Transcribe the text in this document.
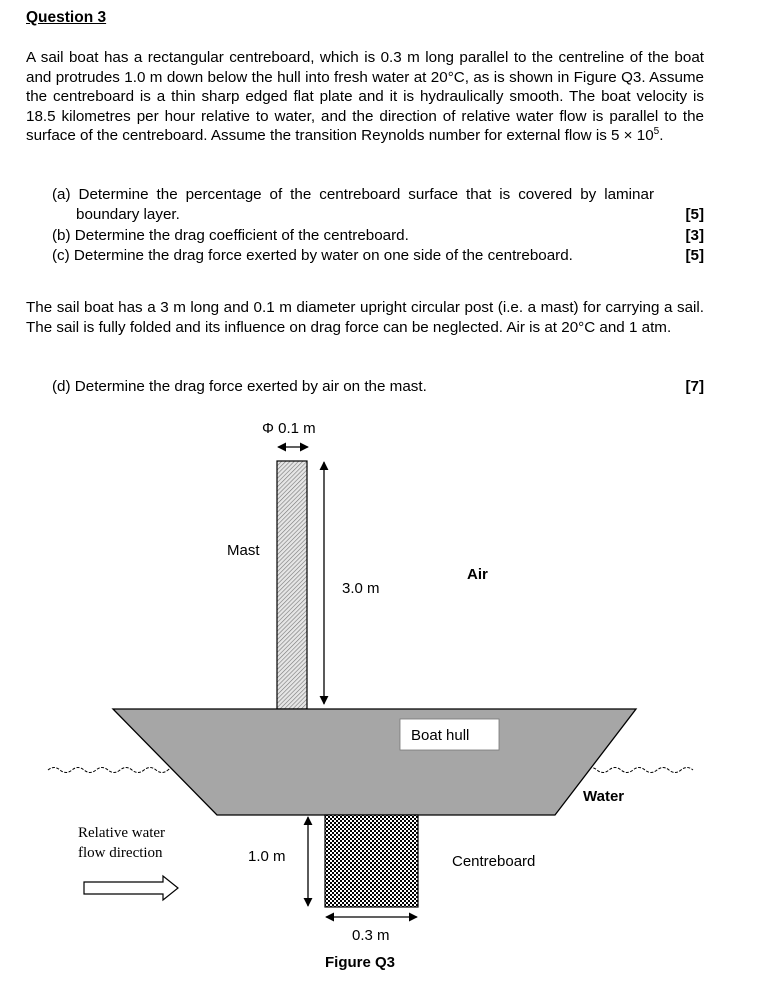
Question 3
A sail boat has a rectangular centreboard, which is 0.3 m long parallel to the centreline of the boat and protrudes 1.0 m down below the hull into fresh water at 20°C, as is shown in Figure Q3. Assume the centreboard is a thin sharp edged flat plate and it is hydraulically smooth. The boat velocity is 18.5 kilometres per hour relative to water, and the direction of relative water flow is parallel to the surface of the centreboard. Assume the transition Reynolds number for external flow is $5 \times 10^5$.
(a) Determine the percentage of the centreboard surface that is covered by laminar boundary layer.	[5]
(b) Determine the drag coefficient of the centreboard.	[3]
(c) Determine the drag force exerted by water on one side of the centreboard.	[5]
The sail boat has a 3 m long and 0.1 m diameter upright circular post (i.e. a mast) for carrying a sail. The sail is fully folded and its influence on drag force can be neglected. Air is at 20°C and 1 atm.
(d) Determine the drag force exerted by air on the mast.	[7]
Φ 0.1 m
Mast
3.0 m
Air
Boat hull
Water
Centreboard
1.0 m
0.3 m
Relative water
flow direction
Figure Q3
